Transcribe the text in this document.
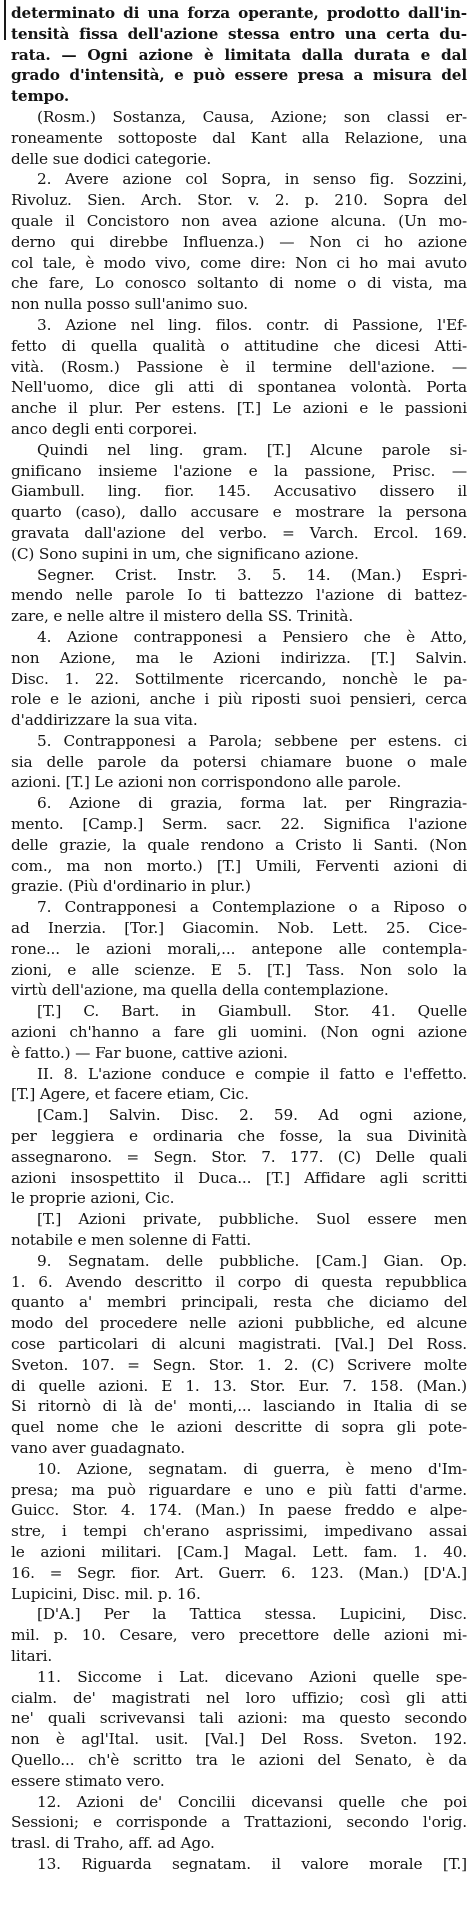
determinato di una forza operante, prodotto dall'in-
tensità fissa dell'azione stessa entro una certa du-
rata. — Ogni azione è limitata dalla durata e dal
grado d'intensità, e può essere presa a misura del
tempo.
(Rosm.) Sostanza, Causa, Azione; son classi er-
roneamente sottoposte dal Kant alla Relazione, una
delle sue dodici categorie.
2. Avere azione col Sopra, in senso fig. Sozzini,
Rivoluz. Sien. Arch. Stor. v. 2. p. 210. Sopra del
quale il Concistoro non avea azione alcuna. (Un mo-
derno qui direbbe Influenza.) — Non ci ho azione
col tale, è modo vivo, come dire: Non ci ho mai avuto
che fare, Lo conosco soltanto di nome o di vista, ma
non nulla posso sull'animo suo.
3. Azione nel ling. filos. contr. di Passione, l'Ef-
fetto di quella qualità o attitudine che dicesi Atti-
vità. (Rosm.) Passione è il termine dell'azione. —
Nell'uomo, dice gli atti di spontanea volontà. Porta
anche il plur. Per estens. [T.] Le azioni e le passioni
anco degli enti corporei.
Quindi nel ling. gram. [T.] Alcune parole si-
gnificano insieme l'azione e la passione, Prisc. —
Giambull. ling. fior. 145. Accusativo dissero il
quarto (caso), dallo accusare e mostrare la persona
gravata dall'azione del verbo. = Varch. Ercol. 169.
(C) Sono supini in um, che significano azione.
Segner. Crist. Instr. 3. 5. 14. (Man.) Espri-
mendo nelle parole Io ti battezzo l'azione di battez-
zare, e nelle altre il mistero della SS. Trinità.
4. Azione contrapponesi a Pensiero che è Atto,
non Azione, ma le Azioni indirizza. [T.] Salvin.
Disc. 1. 22. Sottilmente ricercando, nonchè le pa-
role e le azioni, anche i più riposti suoi pensieri, cerca
d'addirizzare la sua vita.
5. Contrapponesi a Parola; sebbene per estens. ci
sia delle parole da potersi chiamare buone o male
azioni. [T.] Le azioni non corrispondono alle parole.
6. Azione di grazia, forma lat. per Ringrazia-
mento. [Camp.] Serm. sacr. 22. Significa l'azione
delle grazie, la quale rendono a Cristo li Santi. (Non
com., ma non morto.) [T.] Umili, Ferventi azioni di
grazie. (Più d'ordinario in plur.)
7. Contrapponesi a Contemplazione o a Riposo o
ad Inerzia. [Tor.] Giacomin. Nob. Lett. 25. Cice-
rone... le azioni morali,... antepone alle contempla-
zioni, e alle scienze. E 5. [T.] Tass. Non solo la
virtù dell'azione, ma quella della contemplazione.
[T.] C. Bart. in Giambull. Stor. 41. Quelle
azioni ch'hanno a fare gli uomini. (Non ogni azione
è fatto.) — Far buone, cattive azioni.
II. 8. L'azione conduce e compie il fatto e l'effetto.
[T.] Agere, et facere etiam, Cic.
[Cam.] Salvin. Disc. 2. 59. Ad ogni azione,
per leggiera e ordinaria che fosse, la sua Divinità
assegnarono. = Segn. Stor. 7. 177. (C) Delle quali
azioni insospettito il Duca... [T.] Affidare agli scritti
le proprie azioni, Cic.
[T.] Azioni private, pubbliche. Suol essere men
notabile e men solenne di Fatti.
9. Segnatam. delle pubbliche. [Cam.] Gian. Op.
1. 6. Avendo descritto il corpo di questa repubblica
quanto a' membri principali, resta che diciamo del
modo del procedere nelle azioni pubbliche, ed alcune
cose particolari di alcuni magistrati. [Val.] Del Ross.
Sveton. 107. = Segn. Stor. 1. 2. (C) Scrivere molte
di quelle azioni. E 1. 13. Stor. Eur. 7. 158. (Man.)
Si ritornò di là de' monti,... lasciando in Italia di se
quel nome che le azioni descritte di sopra gli pote-
vano aver guadagnato.
10. Azione, segnatam. di guerra, è meno d'Im-
presa; ma può riguardare e uno e più fatti d'arme.
Guicc. Stor. 4. 174. (Man.) In paese freddo e alpe-
stre, i tempi ch'erano asprissimi, impedivano assai
le azioni militari. [Cam.] Magal. Lett. fam. 1. 40.
16. = Segr. fior. Art. Guerr. 6. 123. (Man.) [D'A.]
Lupicini, Disc. mil. p. 16.
[D'A.] Per la Tattica stessa. Lupicini, Disc.
mil. p. 10. Cesare, vero precettore delle azioni mi-
litari.
11. Siccome i Lat. dicevano Azioni quelle spe-
cialm. de' magistrati nel loro uffizio; così gli atti
ne' quali scrivevansi tali azioni: ma questo secondo
non è agl'Ital. usit. [Val.] Del Ross. Sveton. 192.
Quello... ch'è scritto tra le azioni del Senato, è da
essere stimato vero.
12. Azioni de' Concilii dicevansi quelle che poi
Sessioni; e corrisponde a Trattazioni, secondo l'orig.
trasl. di Traho, aff. ad Ago.
13. Riguarda segnatam. il valore morale [T.]
